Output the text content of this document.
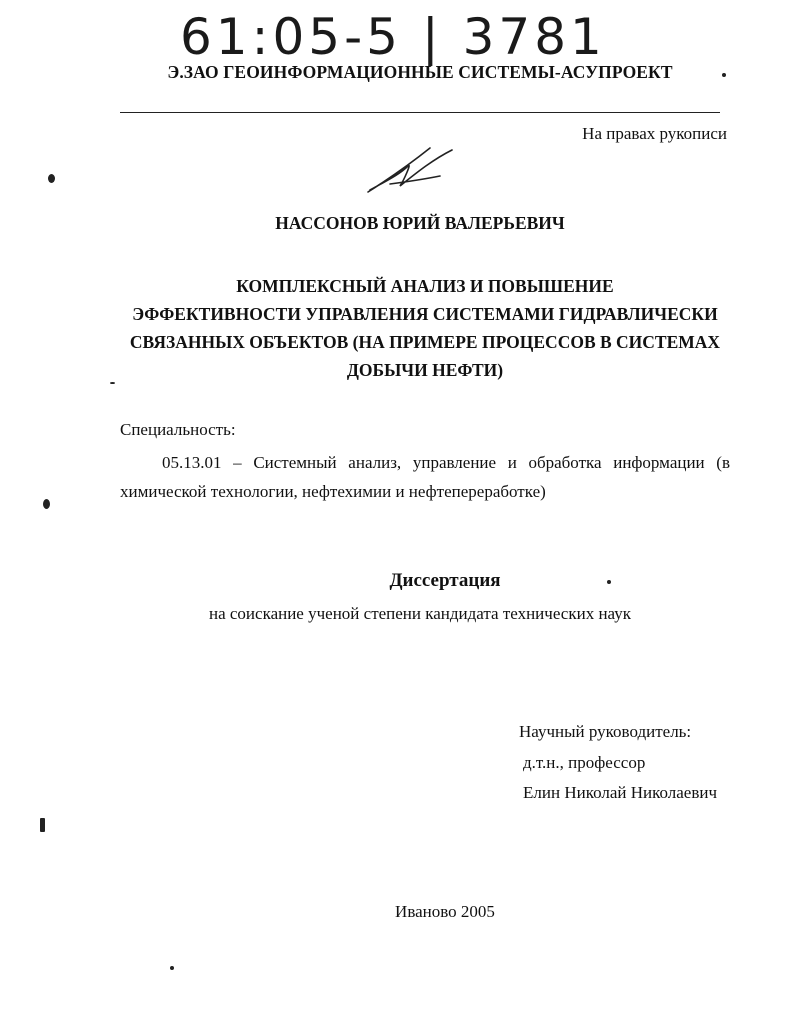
61:05-5 | 3781
Э.ЗАО ГЕОИНФОРМАЦИОННЫЕ СИСТЕМЫ-АСУПРОЕКТ
На правах рукописи
НАССОНОВ ЮРИЙ ВАЛЕРЬЕВИЧ
КОМПЛЕКСНЫЙ АНАЛИЗ И ПОВЫШЕНИЕ
ЭФФЕКТИВНОСТИ УПРАВЛЕНИЯ СИСТЕМАМИ ГИДРАВЛИЧЕСКИ
СВЯЗАННЫХ ОБЪЕКТОВ (НА ПРИМЕРЕ ПРОЦЕССОВ В СИСТЕМАХ
ДОБЫЧИ НЕФТИ)
Специальность:
05.13.01 – Системный анализ, управление и обработка информации (в химической технологии, нефтехимии и нефтепереработке)
Диссертация
на соискание ученой степени кандидата технических наук
Научный руководитель:
д.т.н., профессор
Елин Николай Николаевич
Иваново 2005
